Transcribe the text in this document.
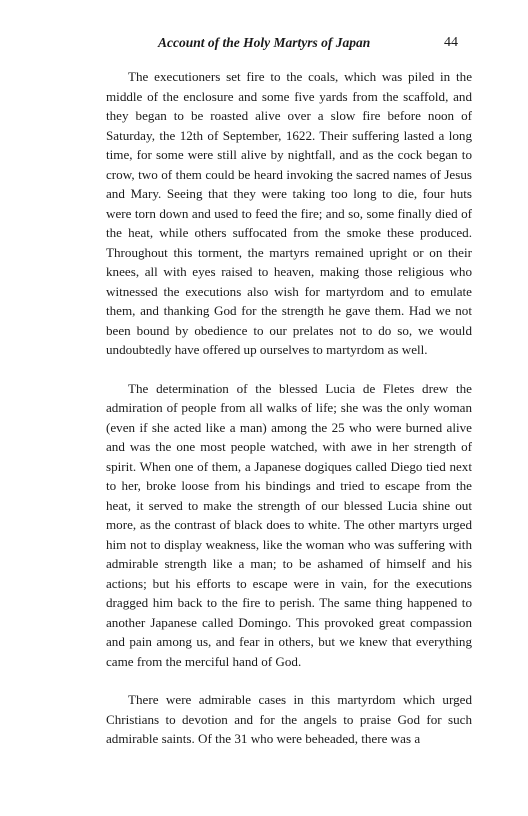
Account of the Holy Martyrs of Japan	44

The executioners set fire to the coals, which was piled in the middle of the enclosure and some five yards from the scaffold, and they began to be roasted alive over a slow fire before noon of Saturday, the 12th of September, 1622. Their suffering lasted a long time, for some were still alive by nightfall, and as the cock began to crow, two of them could be heard invoking the sacred names of Jesus and Mary. Seeing that they were taking too long to die, four huts were torn down and used to feed the fire; and so, some finally died of the heat, while others suffocated from the smoke these produced. Throughout this torment, the martyrs remained upright or on their knees, all with eyes raised to heaven, making those religious who witnessed the executions also wish for martyrdom and to emulate them, and thanking God for the strength he gave them. Had we not been bound by obedience to our prelates not to do so, we would undoubtedly have offered up ourselves to martyrdom as well.

The determination of the blessed Lucia de Fletes drew the admiration of people from all walks of life; she was the only woman (even if she acted like a man) among the 25 who were burned alive and was the one most people watched, with awe in her strength of spirit. When one of them, a Japanese dogiques called Diego tied next to her, broke loose from his bindings and tried to escape from the heat, it served to make the strength of our blessed Lucia shine out more, as the contrast of black does to white. The other martyrs urged him not to display weakness, like the woman who was suffering with admirable strength like a man; to be ashamed of himself and his actions; but his efforts to escape were in vain, for the executions dragged him back to the fire to perish. The same thing happened to another Japanese called Domingo. This provoked great compassion and pain among us, and fear in others, but we knew that everything came from the merciful hand of God.

There were admirable cases in this martyrdom which urged Christians to devotion and for the angels to praise God for such admirable saints. Of the 31 who were beheaded, there was a
